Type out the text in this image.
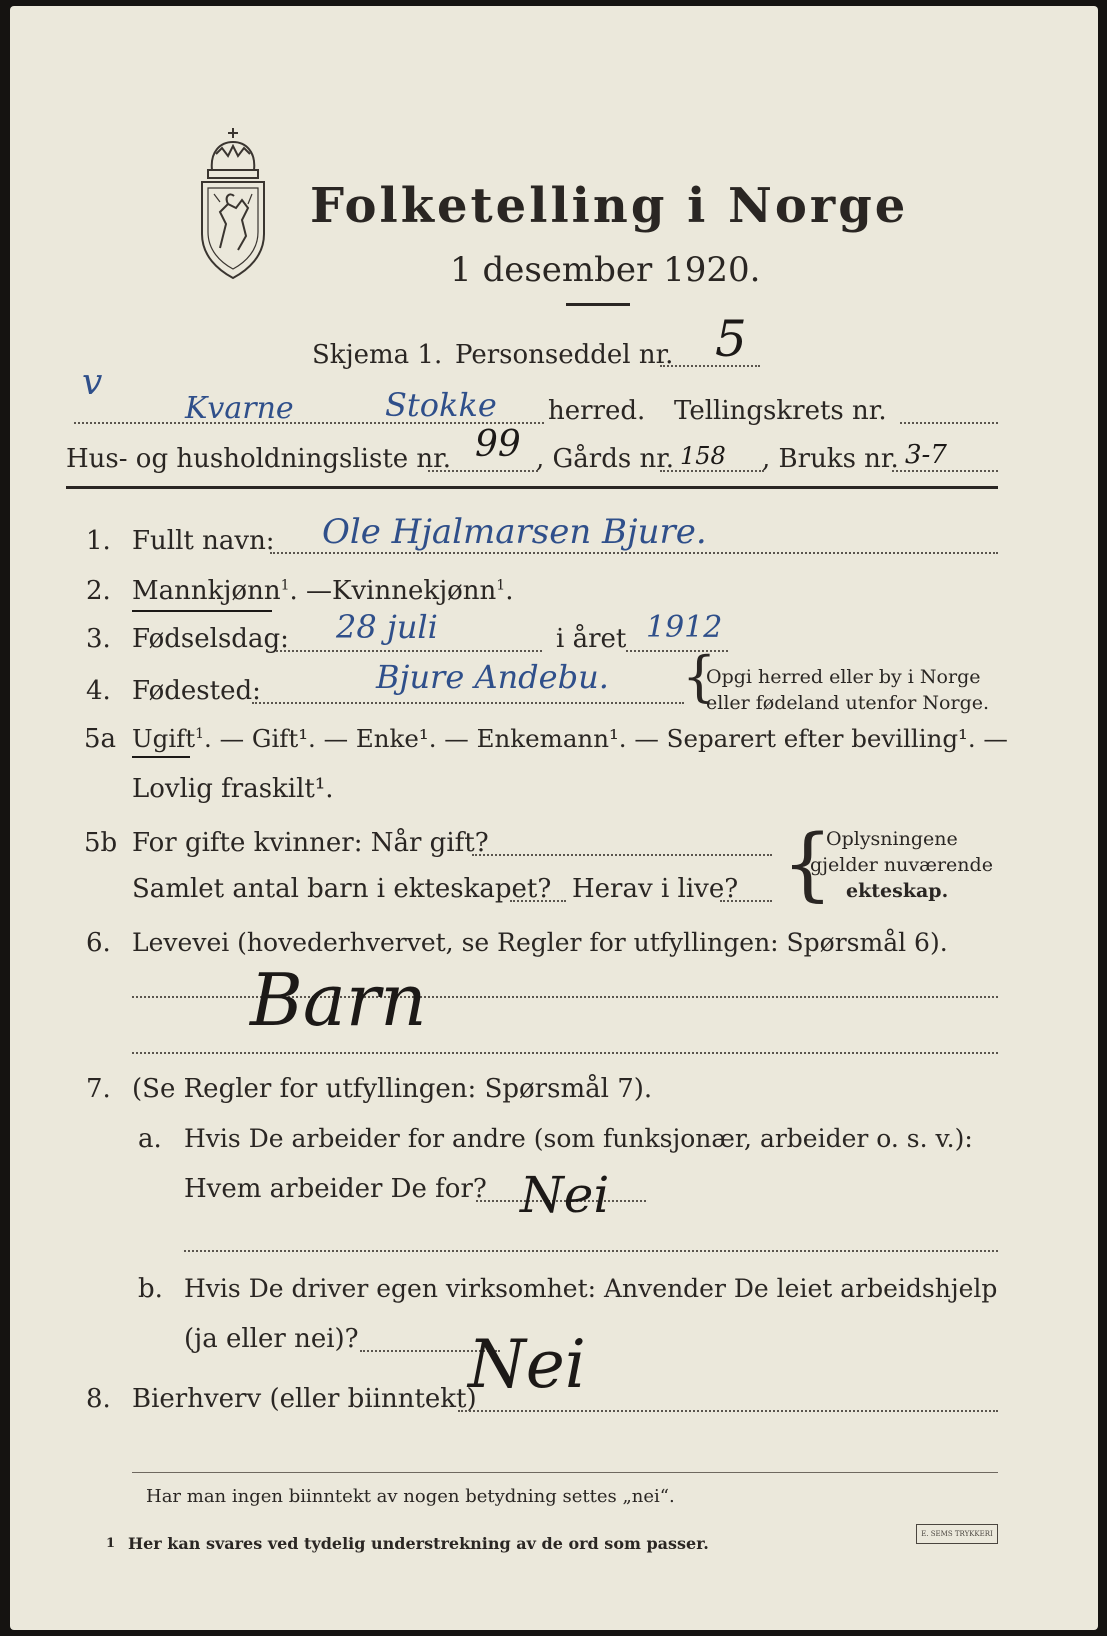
Folketelling i Norge
1 desember 1920.
v
Skjema 1. Personseddel nr. 5
Kvarne	Stokke herred. Tellingskrets nr.
Hus- og husholdningsliste nr. 99 , Gårds nr. 158 , Bruks nr. 3-7
1. Fullt navn: Ole Hjalmarsen Bjure.
2. Mannkjønn$^1$. —Kvinnekjønn$^1$.
3. Fødselsdag: 28 juli	i året 1912
4. Fødested:	Bjure Andebu. {
Opgi herred eller by i Norge
eller fødeland utenfor Norge.
5a Ugift$^1$. — Gift¹. — Enke¹. — Enkemann¹. — Separert efter bevilling¹. —
Lovlig fraskilt¹.
5b For gifte kvinner: Når gift?
Samlet antal barn i ekteskapet? Herav i live? {
Oplysningene
gjelder nuværende
ekteskap.
6. Levevei (hovederhvervet, se Regler for utfyllingen: Spørsmål 6).
Barn
7. (Se Regler for utfyllingen: Spørsmål 7).
a. Hvis De arbeider for andre (som funksjonær, arbeider o. s. v.):
Hvem arbeider De for? Nei
b. Hvis De driver egen virksomhet: Anvender De leiet arbeidshjelp
(ja eller nei)? Nei
8. Bierhverv (eller biinntekt)
Har man ingen biinntekt av nogen betydning settes „nei“.
1 Her kan svares ved tydelig understrekning av de ord som passer.	E. SEMS TRYKKERI
